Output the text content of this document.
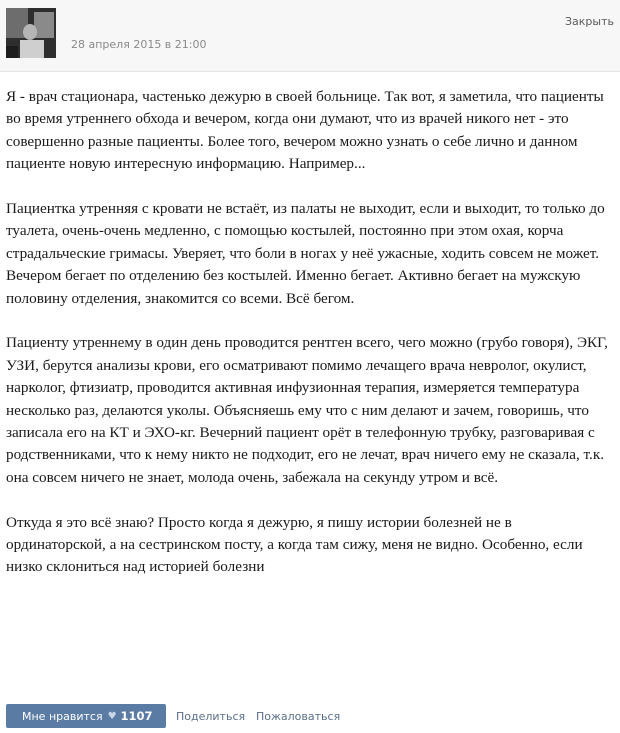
28 апреля 2015 в 21:00
Закрыть

Я - врач стационара, частенько дежурю в своей больнице. Так вот, я заметила, что пациенты во время утреннего обхода и вечером, когда они думают, что из врачей никого нет - это совершенно разные пациенты. Более того, вечером можно узнать о себе лично и данном пациенте новую интересную информацию. Например...

Пациентка утренняя с кровати не встаёт, из палаты не выходит, если и выходит, то только до туалета, очень-очень медленно, с помощью костылей, постоянно при этом охая, корча страдальческие гримасы. Уверяет, что боли в ногах у неё ужасные, ходить совсем не может. Вечером бегает по отделению без костылей. Именно бегает. Активно бегает на мужскую половину отделения, знакомится со всеми. Всё бегом.

Пациенту утреннему в один день проводится рентген всего, чего можно (грубо говоря), ЭКГ, УЗИ, берутся анализы крови, его осматривают помимо лечащего врача невролог, окулист, нарколог, фтизиатр, проводится активная инфузионная терапия, измеряется температура несколько раз, делаются уколы. Объясняешь ему что с ним делают и зачем, говоришь, что записала его на КТ и ЭХО-кг. Вечерний пациент орёт в телефонную трубку, разговаривая с родственниками, что к нему никто не подходит, его не лечат, врач ничего ему не сказала, т.к. она совсем ничего не знает, молода очень, забежала на секунду утром и всё.

Откуда я это всё знаю? Просто когда я дежурю, я пишу истории болезней не в ординаторской, а на сестринском посту, а когда там сижу, меня не видно. Особенно, если низко склониться над историей болезни

Мне нравится ♥ 1107 Поделиться Пожаловаться
